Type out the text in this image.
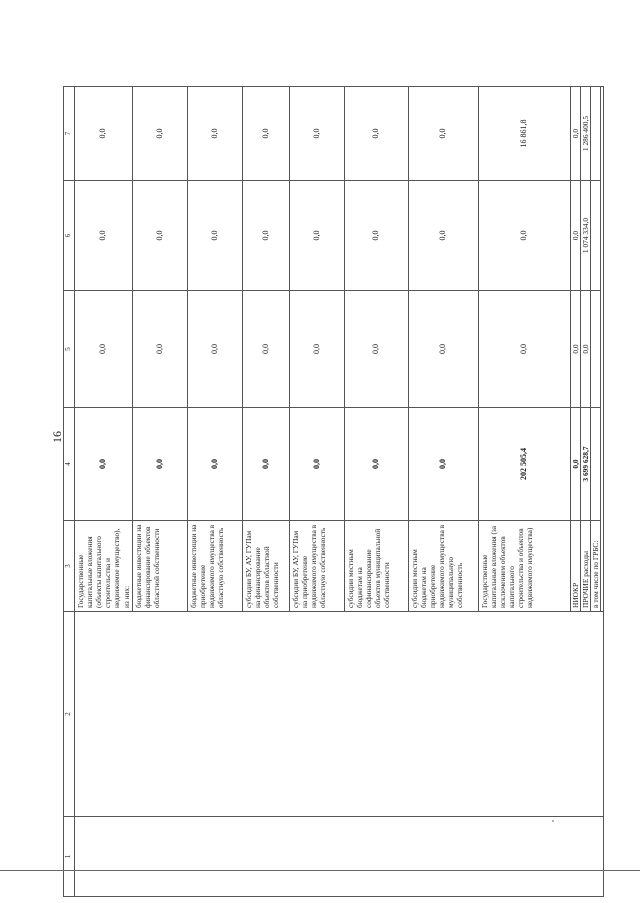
16
1	2	3	4	5	6	7
		Государственные капитальные вложения (объекты капитального строительства и недвижимое имущество), из них:	0,0	0,0	0,0	0,0
		бюджетные инвестиции на финансирование объектов областной собственности	0,0	0,0	0,0	0,0
		бюджетные инвестиции на приобретение недвижимого имущества в областную собственность	0,0	0,0	0,0	0,0
		субсидии БУ, АУ, ГУПам на финансирование объектов областной собственности	0,0	0,0	0,0	0,0
		субсидии БУ, АУ, ГУПам на приобретение недвижимого имущества в областную собственность	0,0	0,0	0,0	0,0
		субсидии местным бюджетам на софинансирование объектов муниципальной собственности	0,0	0,0	0,0	0,0
		субсидии местным бюджетам на приобретение недвижимого имущества в муниципальную собственность	0,0	0,0	0,0	0,0
		Государственные капитальные вложения (за исключением объектов капитального строительства и объектов недвижимого имущества)	202 505,4	0,0	0,0	16 861,8
		НИОКР	0,0	0,0	0,0	0,0
		ПРОЧИЕ расходы	3 699 628,7	0,0	1 074 334,0	1 286 400,5
		в том числе по ГРБС:				
